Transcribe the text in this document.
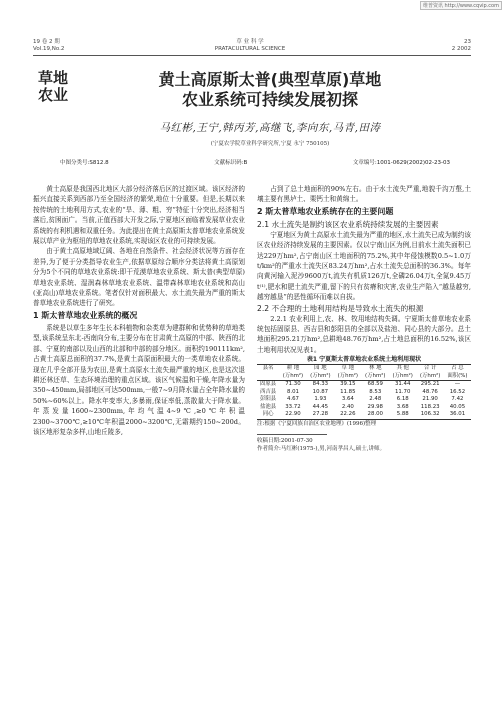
维普资讯 http://www.cqvip.com
19 卷 2 期
Vol.19,No.2
草 业 科 学
PRATACULTURAL SCIENCE
23
2 2002
草地
农业
黄土高原斯太普(典型草原)草地
农业系统可持续发展初探
马红彬,王宁,韩丙芳,高继飞,李向东,马青,田涛
(宁夏农学院草业科学研究所,宁夏 永宁 750105)
中图分类号:S812.8	文献标识码:B	文章编号:1001-0629(2002)02-23-03

黄土高原是我国西北地区大部分经济落后区的过渡区域。该区经济的振兴直接关系到西部乃至全国经济的繁荣,地位十分重要。但是,长期以来按传统的土地利用方式,农业的“旱、薄、粗、穷”特征十分突出,经济相当落后,贫困面广。当前,正值西部大开发之际,宁夏地区面临着发展草业农业系统的有利机遇和双重任务。为此提出在黄土高原斯太普草地农业系统发展以草产业为枢纽的草地农业系统,实现该区农业的可持续发展。

由于黄土高原地域辽阔、各地在自然条件、社会经济状况等方面存在差异,为了便于分类指导农业生产,依据草原综合顺序分类法将黄土高原划分为5个不同的草地农业系统:即干荒漠草地农业系统、斯太普(典型草原)草地农业系统、湿润森林草地农业系统、温带森林草地农业系统和高山(亚高山)草地农业系统。笔者仅针对面积最大、水土流失最为严重的斯太普草地农业系统进行了研究。

1 斯太普草地农业系统的概况

系统是以草生多年生长本科植物和杂类草为建群种和优势种的草地类型,该系统呈东北-西南向分布,主要分布在甘肃黄土高原的中部、陕西的北部、宁夏的南部以及山西的北部和中部的部分地区。面积约190111km²,占黄土高原总面积的37.7%,是黄土高原面积最大的一类草地农业系统。现在几乎全部开垦为农田,是黄土高原水土流失最严重的地区,也是这次退耕还林还草、生态环境治理的重点区域。该区气候温和干燥,年降水量为350~450mm,局部地区可达500mm,一般7~9月降水量占全年降水量的50%~60%以上。降水年变率大,多暴雨,保证率低,蒸散量大于降水量。年蒸发量1600~2300mm,年均气温4~9℃,≥0℃年积温2300~3700℃,≥10℃年积温2000~3200℃,无霜期约150~200d。该区地形复杂多样,山地丘陵多,

占到了总土地面积的90%左右。由于水土流失严重,地貌千沟万壑,土壤主要有黑垆土、栗钙土和黄绵土。

2 斯太普草地农业系统存在的主要问题
2.1 水土流失是制约该区农业系统持续发展的主要因素

宁夏地区为黄土高原水土流失最为严重的地区,水土流失已成为制约该区农业经济持续发展的主要因素。仅以宁南山区为例,目前水土流失面积已达229万hm²,占宁南山区土地面积的75.2%,其中年侵蚀模数0.5~1.0万t/km²的严重水土流失区83.24万hm²,占水土流失总面积的36.3%。每年向黄河输入泥沙9600万t,流失有机质126万t,全磷26.04万t,全氮9.45万t⁽¹⁾,肥水和肥土流失严重,留下的只有贫瘠和灾害,农业生产陷入“越垦越穷,越穷越垦”的恶性循环而难以自拔。

2.2 不合理的土地利用结构是导致水土流失的根源

2.2.1 农业利用上,农、林、牧用地结构失调。宁夏斯太普草地农业系统包括固原县、西吉县和彭阳县的全部以及盐池、同心县的大部分。总土地面积295.21万hm²,总耕地48.76万hm²,占土地总面积的16.52%,该区土地利用状况见表1。

表1 宁夏斯太普草地农业系统土地利用现状
县名	耕 地	园 地	草 地	林 地	其 他	合 计	占 总
	(万hm²)	(万hm²)	(万hm²)	(万hm²)	(万hm²)	(万hm²)	面积(%)
固原县	71.30	84.33	39.15	68.59	31.44	295.21	—
西吉县	8.01	10.87	11.85	8.53	11.70	48.76	16.52
彭阳县	4.67	1.93	3.64	2.48	6.18	21.90	7.42
盐池县	33.72	44.45	2.40	29.98	3.68	118.23	40.05
同心	22.90	27.28	22.26	28.00	5.88	106.32	36.01
注:根据《宁夏回族自治区农业地理》(1996)整理
收稿日期:2001-07-30
作者简介:马红彬(1975-),男,河南孝昌人,硕士,讲师。
